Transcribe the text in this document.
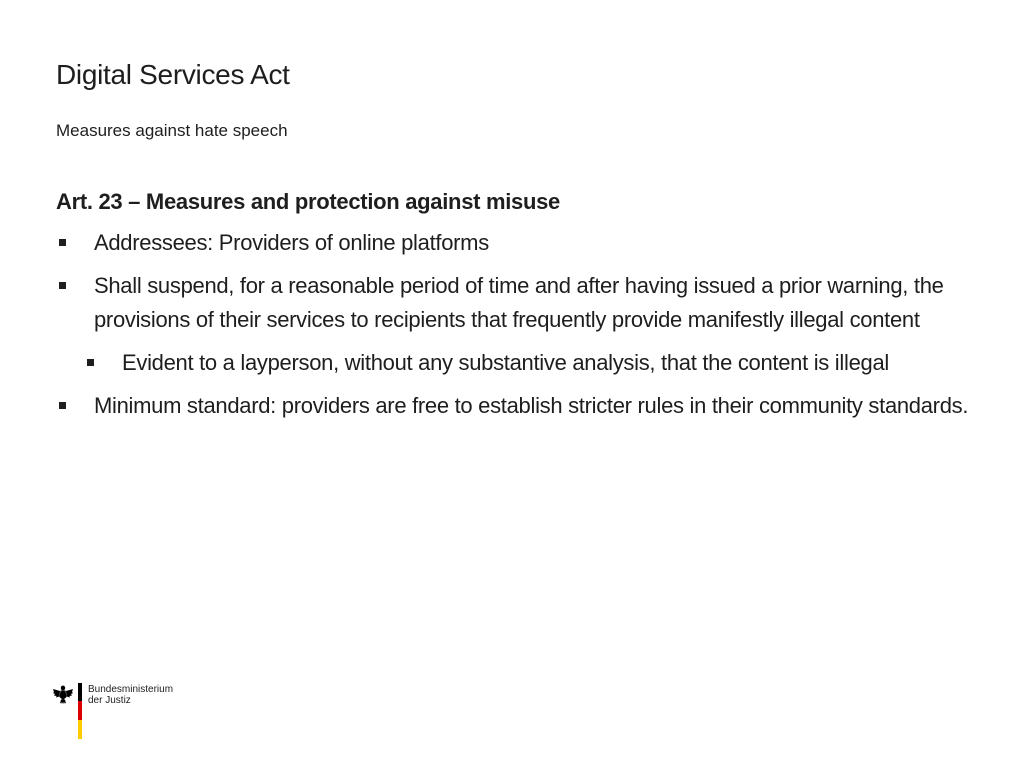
Digital Services Act
Measures against hate speech
Art. 23 – Measures and protection against misuse
Addressees: Providers of online platforms
Shall suspend, for a reasonable period of time and after having issued a prior warning, the provisions of their services to recipients that frequently provide manifestly illegal content
Evident to a layperson, without any substantive analysis, that the content is illegal
Minimum standard: providers are free to establish stricter rules in their community standards.
Bundesministerium
der Justiz
